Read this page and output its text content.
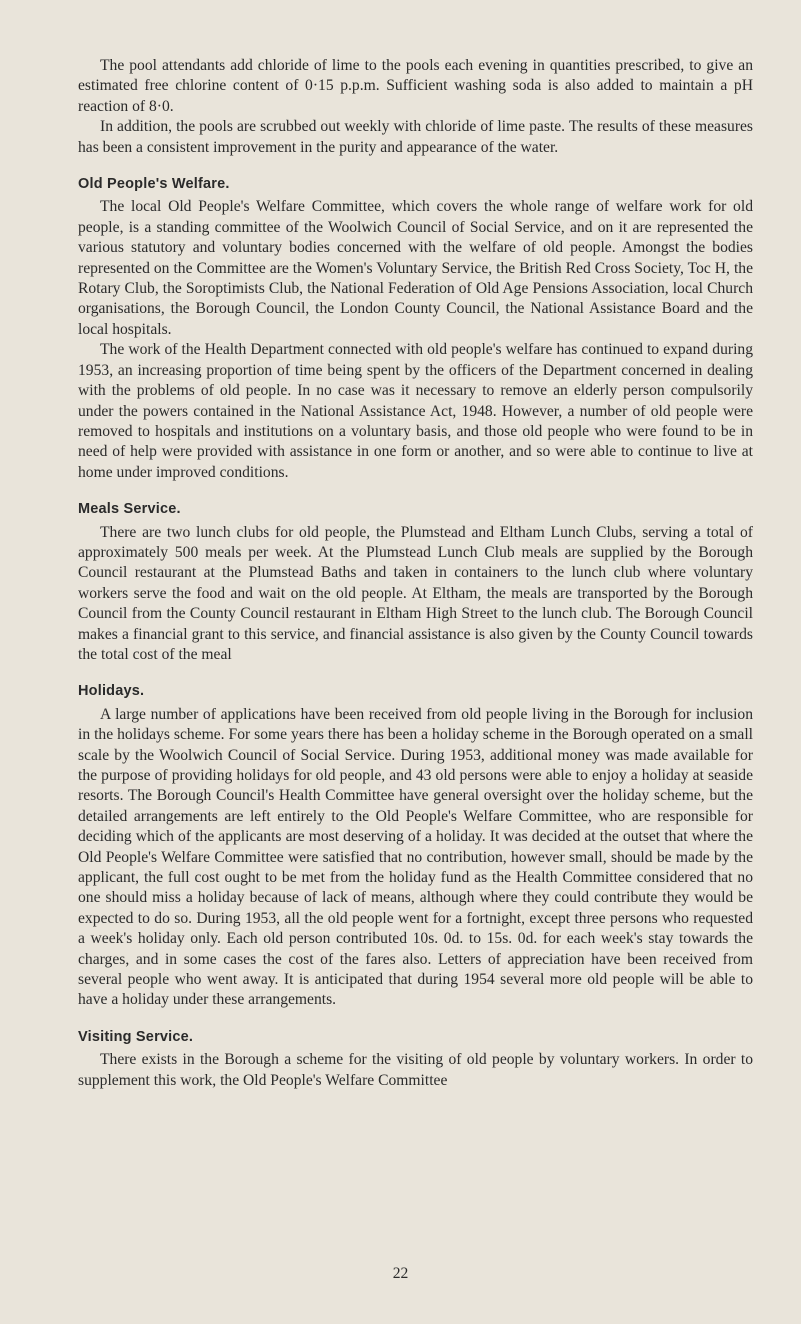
The pool attendants add chloride of lime to the pools each evening in quantities prescribed, to give an estimated free chlorine content of 0·15 p.p.m. Sufficient washing soda is also added to maintain a pH reaction of 8·0.

In addition, the pools are scrubbed out weekly with chloride of lime paste. The results of these measures has been a consistent improvement in the purity and appearance of the water.

Old People's Welfare.

The local Old People's Welfare Committee, which covers the whole range of welfare work for old people, is a standing committee of the Woolwich Council of Social Service, and on it are represented the various statutory and voluntary bodies concerned with the welfare of old people. Amongst the bodies represented on the Committee are the Women's Voluntary Service, the British Red Cross Society, Toc H, the Rotary Club, the Soroptimists Club, the National Federation of Old Age Pensions Association, local Church organisations, the Borough Council, the London County Council, the National Assistance Board and the local hospitals.

The work of the Health Department connected with old people's welfare has continued to expand during 1953, an increasing proportion of time being spent by the officers of the Department concerned in dealing with the problems of old people. In no case was it necessary to remove an elderly person compulsorily under the powers contained in the National Assistance Act, 1948. However, a number of old people were removed to hospitals and institutions on a voluntary basis, and those old people who were found to be in need of help were provided with assistance in one form or another, and so were able to continue to live at home under improved conditions.

Meals Service.

There are two lunch clubs for old people, the Plumstead and Eltham Lunch Clubs, serving a total of approximately 500 meals per week. At the Plumstead Lunch Club meals are supplied by the Borough Council restaurant at the Plumstead Baths and taken in containers to the lunch club where voluntary workers serve the food and wait on the old people. At Eltham, the meals are transported by the Borough Council from the County Council restaurant in Eltham High Street to the lunch club. The Borough Council makes a financial grant to this service, and financial assistance is also given by the County Council towards the total cost of the meal

Holidays.

A large number of applications have been received from old people living in the Borough for inclusion in the holidays scheme. For some years there has been a holiday scheme in the Borough operated on a small scale by the Woolwich Council of Social Service. During 1953, additional money was made available for the purpose of providing holidays for old people, and 43 old persons were able to enjoy a holiday at seaside resorts. The Borough Council's Health Committee have general oversight over the holiday scheme, but the detailed arrangements are left entirely to the Old People's Welfare Committee, who are responsible for deciding which of the applicants are most deserving of a holiday. It was decided at the outset that where the Old People's Welfare Committee were satisfied that no contribution, however small, should be made by the applicant, the full cost ought to be met from the holiday fund as the Health Committee considered that no one should miss a holiday because of lack of means, although where they could contribute they would be expected to do so. During 1953, all the old people went for a fortnight, except three persons who requested a week's holiday only. Each old person contributed 10s. 0d. to 15s. 0d. for each week's stay towards the charges, and in some cases the cost of the fares also. Letters of appreciation have been received from several people who went away. It is anticipated that during 1954 several more old people will be able to have a holiday under these arrangements.

Visiting Service.

There exists in the Borough a scheme for the visiting of old people by voluntary workers. In order to supplement this work, the Old People's Welfare Committee

22
